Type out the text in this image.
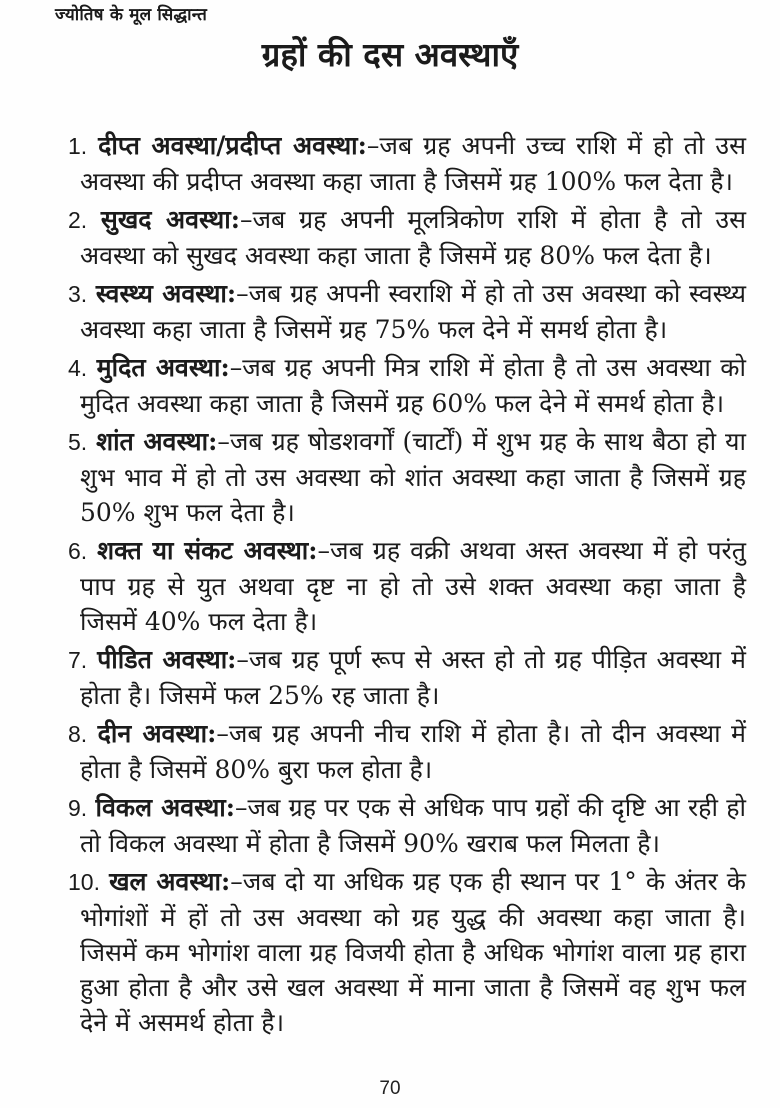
ज्योतिष के मूल सिद्धान्त
ग्रहों की दस अवस्थाएँ
1. दीप्त अवस्था/प्रदीप्त अवस्था:–जब ग्रह अपनी उच्च राशि में हो तो उस अवस्था की प्रदीप्त अवस्था कहा जाता है जिसमें ग्रह 100% फल देता है।
2. सुखद अवस्था:–जब ग्रह अपनी मूलत्रिकोण राशि में होता है तो उस अवस्था को सुखद अवस्था कहा जाता है जिसमें ग्रह 80% फल देता है।
3. स्वस्थ्य अवस्था:–जब ग्रह अपनी स्वराशि में हो तो उस अवस्था को स्वस्थ्य अवस्था कहा जाता है जिसमें ग्रह 75% फल देने में समर्थ होता है।
4. मुदित अवस्था:–जब ग्रह अपनी मित्र राशि में होता है तो उस अवस्था को मुदित अवस्था कहा जाता है जिसमें ग्रह 60% फल देने में समर्थ होता है।
5. शांत अवस्था:–जब ग्रह षोडशवर्गों (चार्टों) में शुभ ग्रह के साथ बैठा हो या शुभ भाव में हो तो उस अवस्था को शांत अवस्था कहा जाता है जिसमें ग्रह 50% शुभ फल देता है।
6. शक्त या संकट अवस्था:–जब ग्रह वक्री अथवा अस्त अवस्था में हो परंतु पाप ग्रह से युत अथवा दृष्ट ना हो तो उसे शक्त अवस्था कहा जाता है जिसमें 40% फल देता है।
7. पीडित अवस्था:–जब ग्रह पूर्ण रूप से अस्त हो तो ग्रह पीड़ित अवस्था में होता है। जिसमें फल 25% रह जाता है।
8. दीन अवस्था:–जब ग्रह अपनी नीच राशि में होता है। तो दीन अवस्था में होता है जिसमें 80% बुरा फल होता है।
9. विकल अवस्था:–जब ग्रह पर एक से अधिक पाप ग्रहों की दृष्टि आ रही हो तो विकल अवस्था में होता है जिसमें 90% खराब फल मिलता है।
10. खल अवस्था:–जब दो या अधिक ग्रह एक ही स्थान पर 1° के अंतर के भोगांशों में हों तो उस अवस्था को ग्रह युद्ध की अवस्था कहा जाता है। जिसमें कम भोगांश वाला ग्रह विजयी होता है अधिक भोगांश वाला ग्रह हारा हुआ होता है और उसे खल अवस्था में माना जाता है जिसमें वह शुभ फल देने में असमर्थ होता है।
70
